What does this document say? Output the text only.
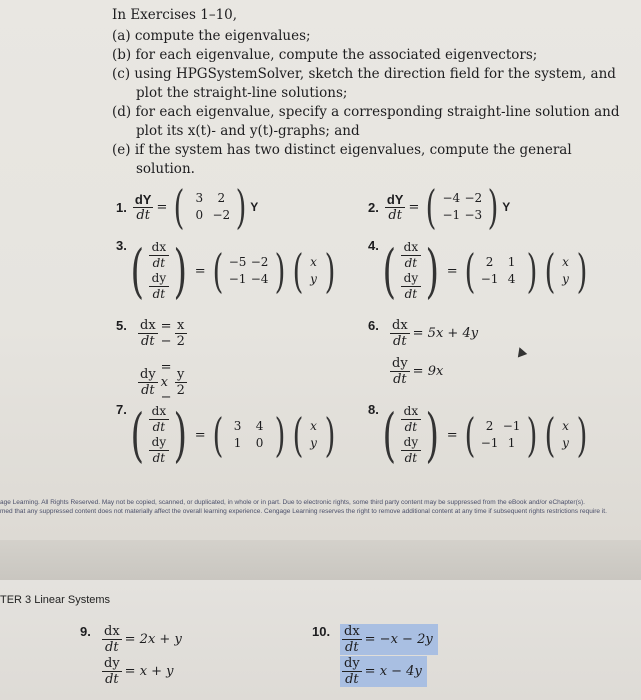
In Exercises 1–10,

(a) compute the eigenvalues;

(b) for each eigenvalue, compute the associated eigenvectors;

(c) using HPGSystemSolver, sketch the direction field for the system, and plot the straight-line solutions;

(d) for each eigenvalue, specify a corresponding straight-line solution and plot its x(t)- and y(t)-graphs; and

(e) if the system has two distinct eigenvalues, compute the general solution.

1. $\frac{dY}{dt}$ = ( 3	2
0 −2 ) Y	2. $\frac{dY}{dt}$ = ( −4 −2
−1 −3 ) Y
3. ( dx
dt
dy
dt ) = ( −5 −2
−1 −4 ) ( x
y )	4. ( dx
dt
dy
dt ) = ( 2	1
−1 4 ) ( x
y )
5. $\frac{dx}{dt}$ = − $\frac{x}{2}$
$\frac{dy}{dt} = x - \frac{y}{2}$
6. $\frac{dx}{dt} = 5x + 4y$
$\frac{dy}{dt} = 9x$
7. ( dx
dt
dy
dt ) = ( 3	4
1	0 ) ( x
y )	8. ( dx
dt
dy
dt ) = ( 2 −1
−1 1 ) ( x
y )
age Learning. All Rights Reserved. May not be copied, scanned, or duplicated, in whole or in part. Due to electronic rights, some third party content may be suppressed from the eBook and/or eChapter(s).
med that any suppressed content does not materially affect the overall learning experience. Cengage Learning reserves the right to remove additional content at any time if subsequent rights restrictions require it.
TER 3 Linear Systems
9. $\frac{dx}{dt} = 2x + y$
$\frac{dy}{dt} = x + y$
10. $\frac{dx}{dt} = -x - 2y$
$\frac{dy}{dt} = x - 4y$
